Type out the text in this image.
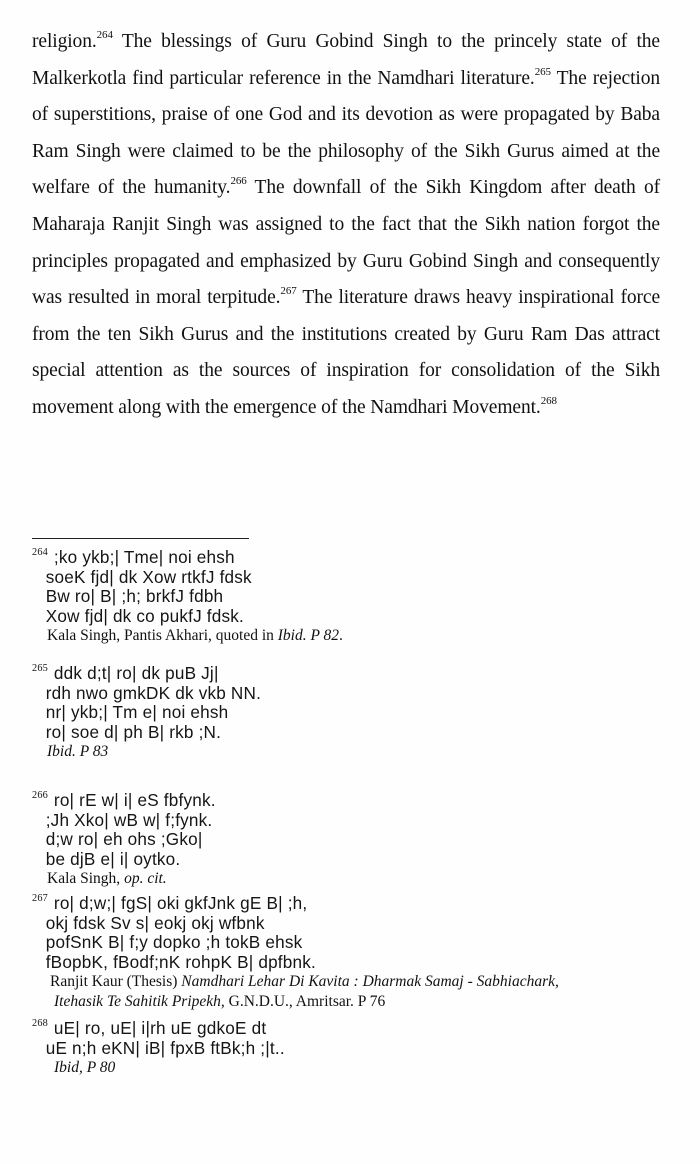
religion.$^{264}$ The blessings of Guru Gobind Singh to the princely state of the Malkerkotla find particular reference in the Namdhari literature.$^{265}$ The rejection of superstitions, praise of one God and its devotion as were propagated by Baba Ram Singh were claimed to be the philosophy of the Sikh Gurus aimed at the welfare of the humanity.$^{266}$ The downfall of the Sikh Kingdom after death of Maharaja Ranjit Singh was assigned to the fact that the Sikh nation forgot the principles propagated and emphasized by Guru Gobind Singh and consequently was resulted in moral terpitude.$^{267}$ The literature draws heavy inspirational force from the ten Sikh Gurus and the institutions created by Guru Ram Das attract special attention as the sources of inspiration for consolidation of the Sikh movement along with the emergence of the Namdhari Movement.$^{268}$
264 ;ko ykb;| Tme| noi ehsh
soeK fjd| dk Xow rtkfJ fdsk
Bw ro| B| ;h; brkfJ fdbh
Xow fjd| dk co pukfJ fdsk.
Kala Singh, Pantis Akhari, quoted in Ibid. P 82.
265 ddk d;t| ro| dk puB Jj|
rdh nwo gmkDK dk vkb NN.
nr| ykb;| Tm e| noi ehsh
ro| soe d| ph B| rkb ;N.
Ibid. P 83
266 ro| rE w| i| eS fbfynk.
;Jh Xko| wB w| f;fynk.
d;w ro| eh ohs ;Gko|
be djB e| i| oytko.
Kala Singh, op. cit.
267 ro| d;w;| fgS| oki gkfJnk gE B| ;h,
okj fdsk Sv s| eokj okj wfbnk
pofSnK B| f;y dopko ;h tokB ehsk
fBopbK, fBodf;nK rohpK B| dpfbnk.
Ranjit Kaur (Thesis) Namdhari Lehar Di Kavita : Dharmak Samaj - Sabhiachark,
Itehasik Te Sahitik Pripekh, G.N.D.U., Amritsar. P 76
268 uE| ro, uE| i|rh uE gdkoE dt
uE n;h eKN| iB| fpxB ftBk;h ;|t..
Ibid, P 80
